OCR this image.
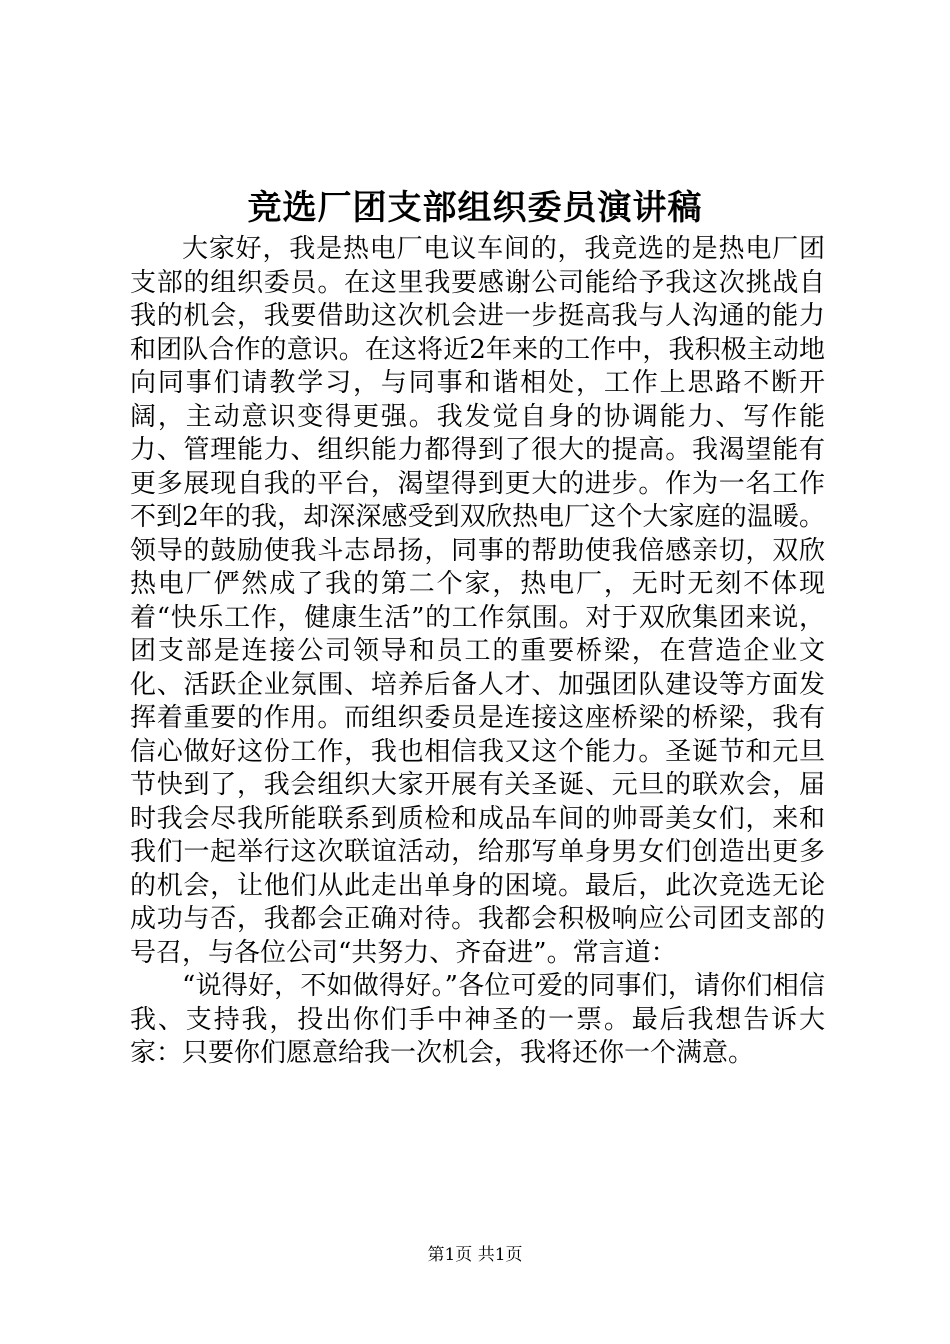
竞选厂团支部组织委员演讲稿

大家好，我是热电厂电议车间的，我竞选的是热电厂团支部的组织委员。在这里我要感谢公司能给予我这次挑战自我的机会，我要借助这次机会进一步挺高我与人沟通的能力和团队合作的意识。在这将近2年来的工作中，我积极主动地向同事们请教学习，与同事和谐相处，工作上思路不断开阔，主动意识变得更强。我发觉自身的协调能力、写作能力、管理能力、组织能力都得到了很大的提高。我渴望能有更多展现自我的平台，渴望得到更大的进步。作为一名工作不到2年的我，却深深感受到双欣热电厂这个大家庭的温暖。领导的鼓励使我斗志昂扬，同事的帮助使我倍感亲切，双欣热电厂俨然成了我的第二个家，热电厂，无时无刻不体现着“快乐工作，健康生活”的工作氛围。对于双欣集团来说，团支部是连接公司领导和员工的重要桥梁，在营造企业文化、活跃企业氛围、培养后备人才、加强团队建设等方面发挥着重要的作用。而组织委员是连接这座桥梁的桥梁，我有信心做好这份工作，我也相信我又这个能力。圣诞节和元旦节快到了，我会组织大家开展有关圣诞、元旦的联欢会，届时我会尽我所能联系到质检和成品车间的帅哥美女们，来和我们一起举行这次联谊活动，给那写单身男女们创造出更多的机会，让他们从此走出单身的困境。最后，此次竞选无论成功与否，我都会正确对待。我都会积极响应公司团支部的号召，与各位公司“共努力、齐奋进”。常言道：

“说得好，不如做得好。”各位可爱的同事们，请你们相信我、支持我，投出你们手中神圣的一票。最后我想告诉大家：只要你们愿意给我一次机会，我将还你一个满意。

第1页 共1页
